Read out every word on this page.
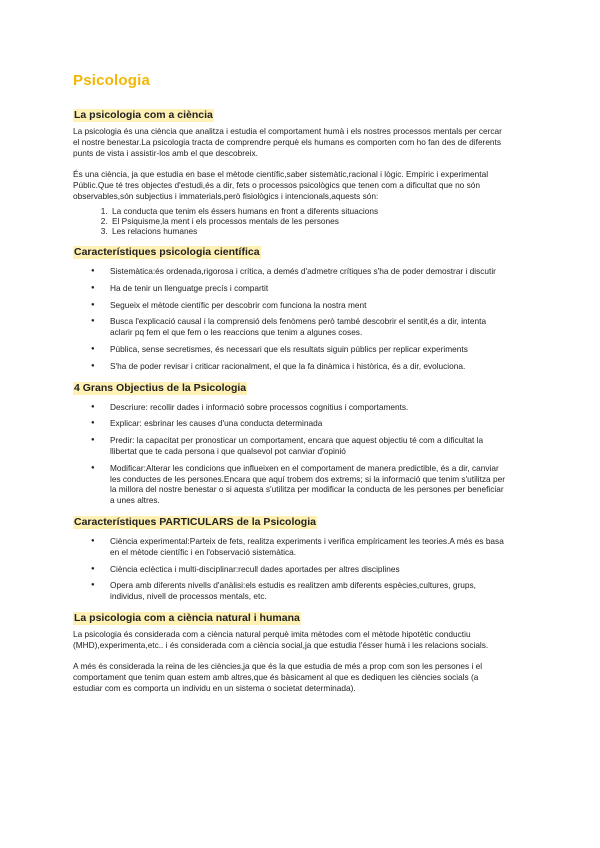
Psicologia
La psicologia com a ciència

La psicologia és una ciència que analitza i estudia el comportament humà i els nostres processos mentals per cercar el nostre benestar.La psicologia tracta de comprendre perquè els humans es comporten com ho fan des de diferents punts de vista i assistir-los amb el que descobreix.

És una ciència, ja que estudia en base el mètode científic,saber sistemàtic,racional i lògic. Empíric i experimental Públic.Que té tres objectes d'estudi,és a dir, fets o processos psicològics que tenen com a dificultat que no són observables,són subjectius i immaterials,però fisiològics i intencionals,aquests són:

1. La conducta que tenim els éssers humans en front a diferents situacions
2. El Psiquisme,la ment i els processos mentals de les persones
3. Les relacions humanes
Característiques psicologia científica
● Sistemàtica:és ordenada,rigorosa i crítica, a demés d'admetre crítiques s'ha de poder demostrar i discutir
● Ha de tenir un llenguatge precís i compartit
● Segueix el mètode científic per descobrir com funciona la nostra ment
● Busca l'explicació causal i la comprensió dels fenòmens però també descobrir el sentit,és a dir, intenta aclarir pq fem el que fem o les reaccions que tenim a algunes coses.
● Pública, sense secretismes, és necessari que els resultats siguin públics per replicar experiments
● S'ha de poder revisar i criticar racionalment, el que la fa dinàmica i històrica, és a dir, evoluciona.
4 Grans Objectius de la Psicologia
● Descriure: recollir dades i informació sobre processos cognitius i comportaments.
● Explicar: esbrinar les causes d'una conducta determinada
● Predir: la capacitat per pronosticar un comportament, encara que aquest objectiu té com a dificultat la llibertat que te cada persona i que qualsevol pot canviar d'opinió
● Modificar:Alterar les condicions que influeixen en el comportament de manera predictible, és a dir, canviar les conductes de les persones.Encara que aquí trobem dos extrems; si la informació que tenim s'utilitza per la millora del nostre benestar o si aquesta s'utilitza per modificar la conducta de les persones per beneficiar a unes altres.
Característiques PARTICULARS de la Psicologia
● Ciència experimental:Parteix de fets, realitza experiments i verifica empíricament les teories.A més es basa en el mètode científic i en l'observació sistemàtica.
● Ciència eclèctica i multi-disciplinar:recull dades aportades per altres disciplines
● Opera amb diferents nivells d'anàlisi:els estudis es realitzen amb diferents espècies,cultures, grups, individus, nivell de processos mentals, etc.
La psicologia com a ciència natural i humana

La psicologia és considerada com a ciència natural perquè imita mètodes com el mètode hipotètic conductiu (MHD),experimenta,etc.. i és considerada com a ciència social,ja que estudia l'ésser humà i les relacions socials.

A més és considerada la reina de les ciències,ja que és la que estudia de més a prop com son les persones i el comportament que tenim quan estem amb altres,que és bàsicament al que es dediquen les ciències socials (a estudiar com es comporta un individu en un sistema o societat determinada).
